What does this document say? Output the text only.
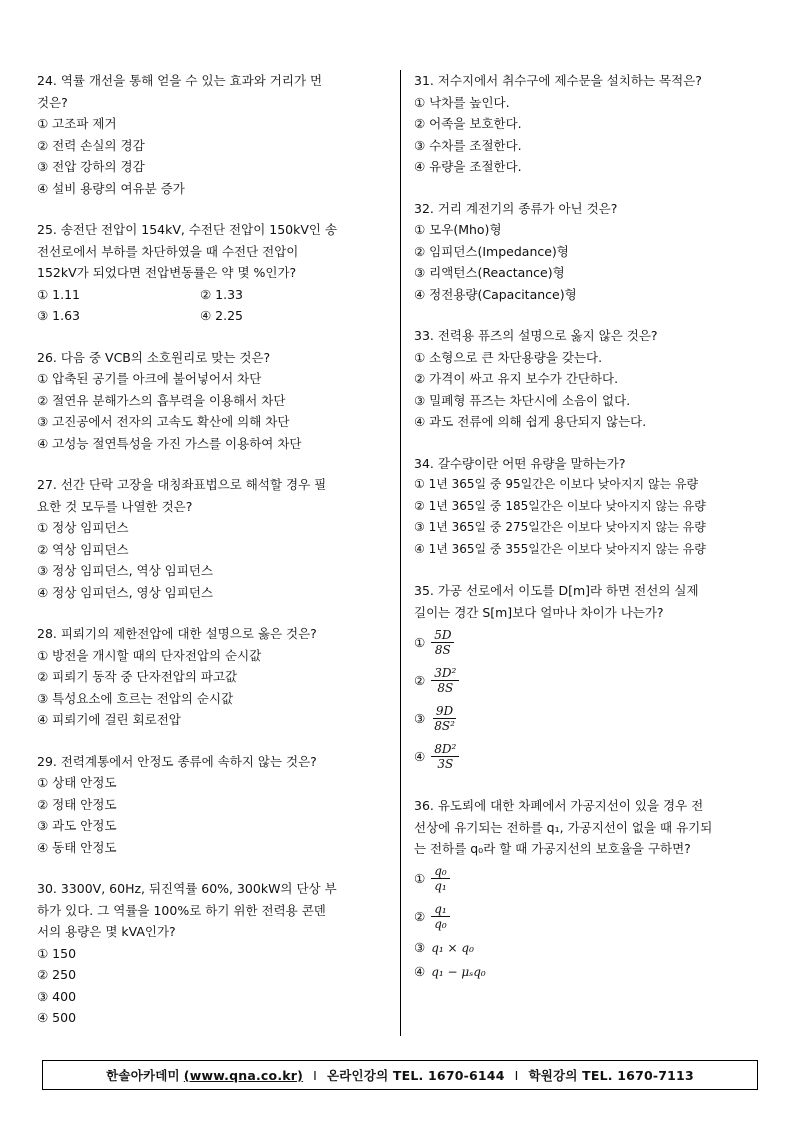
24. 역률 개선을 통해 얻을 수 있는 효과와 거리가 먼
것은?
① 고조파 제거
② 전력 손실의 경감
③ 전압 강하의 경감
④ 설비 용량의 여유분 증가
25. 송전단 전압이 154kV, 수전단 전압이 150kV인 송
전선로에서 부하를 차단하였을 때 수전단 전압이
152kV가 되었다면 전압변동률은 약 몇 %인가?
① 1.11	② 1.33
③ 1.63	④ 2.25
26. 다음 중 VCB의 소호원리로 맞는 것은?
① 압축된 공기를 아크에 불어넣어서 차단
② 절연유 분해가스의 흡부력을 이용해서 차단
③ 고진공에서 전자의 고속도 확산에 의해 차단
④ 고성능 절연특성을 가진 가스를 이용하여 차단
27. 선간 단락 고장을 대칭좌표법으로 해석할 경우 필
요한 것 모두를 나열한 것은?
① 정상 임피던스
② 역상 임피던스
③ 정상 임피던스, 역상 임피던스
④ 정상 임피던스, 영상 임피던스
28. 피뢰기의 제한전압에 대한 설명으로 옳은 것은?
① 방전을 개시할 때의 단자전압의 순시값
② 피뢰기 동작 중 단자전압의 파고값
③ 특성요소에 흐르는 전압의 순시값
④ 피뢰기에 걸린 회로전압
29. 전력계통에서 안정도 종류에 속하지 않는 것은?
① 상태 안정도
② 정태 안정도
③ 과도 안정도
④ 동태 안정도
30. 3300V, 60Hz, 뒤진역률 60%, 300kW의 단상 부
하가 있다. 그 역률을 100%로 하기 위한 전력용 콘덴
서의 용량은 몇 kVA인가?
① 150
② 250
③ 400
④ 500
31. 저수지에서 취수구에 제수문을 설치하는 목적은?
① 낙차를 높인다.
② 어족을 보호한다.
③ 수차를 조절한다.
④ 유량을 조절한다.
32. 거리 계전기의 종류가 아닌 것은?
① 모우(Mho)형
② 임피던스(Impedance)형
③ 리액턴스(Reactance)형
④ 정전용량(Capacitance)형
33. 전력용 퓨즈의 설명으로 옳지 않은 것은?
① 소형으로 큰 차단용량을 갖는다.
② 가격이 싸고 유지 보수가 간단하다.
③ 밀폐형 퓨즈는 차단시에 소음이 없다.
④ 과도 전류에 의해 쉽게 용단되지 않는다.
34. 갈수량이란 어떤 유량을 말하는가?
① 1년 365일 중 95일간은 이보다 낮아지지 않는 유량
② 1년 365일 중 185일간은 이보다 낮아지지 않는 유량
③ 1년 365일 중 275일간은 이보다 낮아지지 않는 유량
④ 1년 365일 중 355일간은 이보다 낮아지지 않는 유량
35. 가공 선로에서 이도를 D[m]라 하면 전선의 실제
길이는 경간 S[m]보다 얼마나 차이가 나는가?
① $\frac{5D}{8S}$
② $\frac{\text{3D²}}{8S}$
③ $\frac{9D}{\text{8S²}}$
④ $\frac{\text{8D²}}{3S}$
36. 유도뢰에 대한 차폐에서 가공지선이 있을 경우 전
선상에 유기되는 전하를 q₁, 가공지선이 없을 때 유기되
는 전하를 q₀라 할 때 가공지선의 보호율을 구하면?
① $\frac{\text{q₀}}{\text{q₁}}$
② $\frac{\text{q₁}}{\text{q₀}}$
③ q₁ × q₀
④ q₁ − μₛq₀
한솔아카데미 (www.qna.co.kr) I 온라인강의 TEL. 1670-6144 I 학원강의 TEL. 1670-7113
